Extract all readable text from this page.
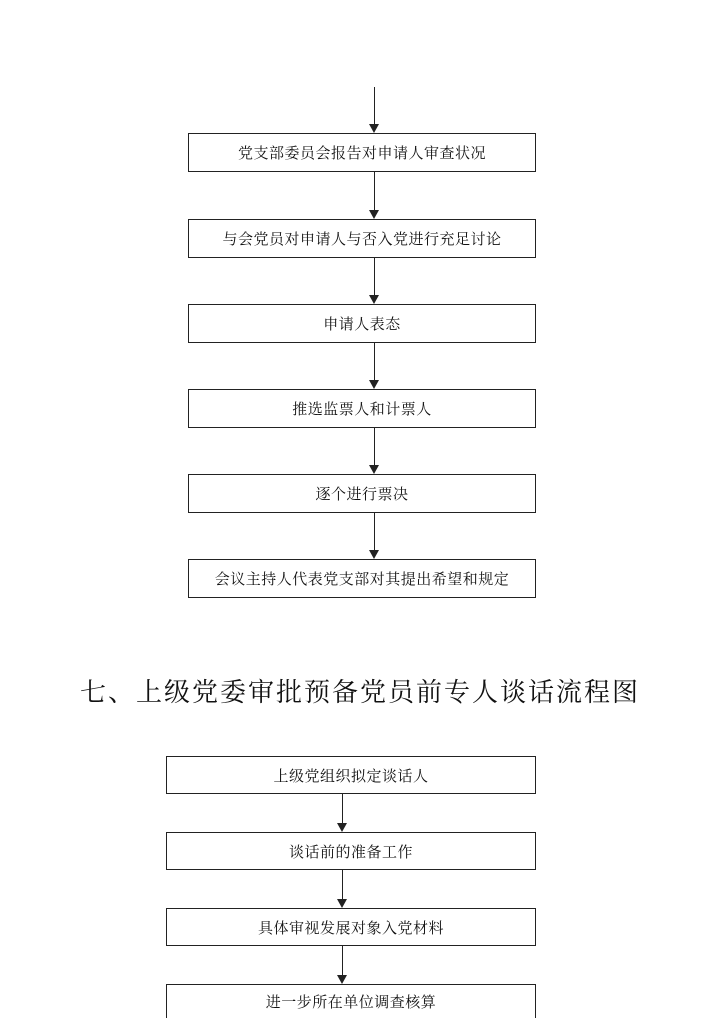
党支部委员会报告对申请人审查状况
与会党员对申请人与否入党进行充足讨论
申请人表态
推选监票人和计票人
逐个进行票决
会议主持人代表党支部对其提出希望和规定
七、上级党委审批预备党员前专人谈话流程图
上级党组织拟定谈话人
谈话前的准备工作
具体审视发展对象入党材料
进一步所在单位调查核算
